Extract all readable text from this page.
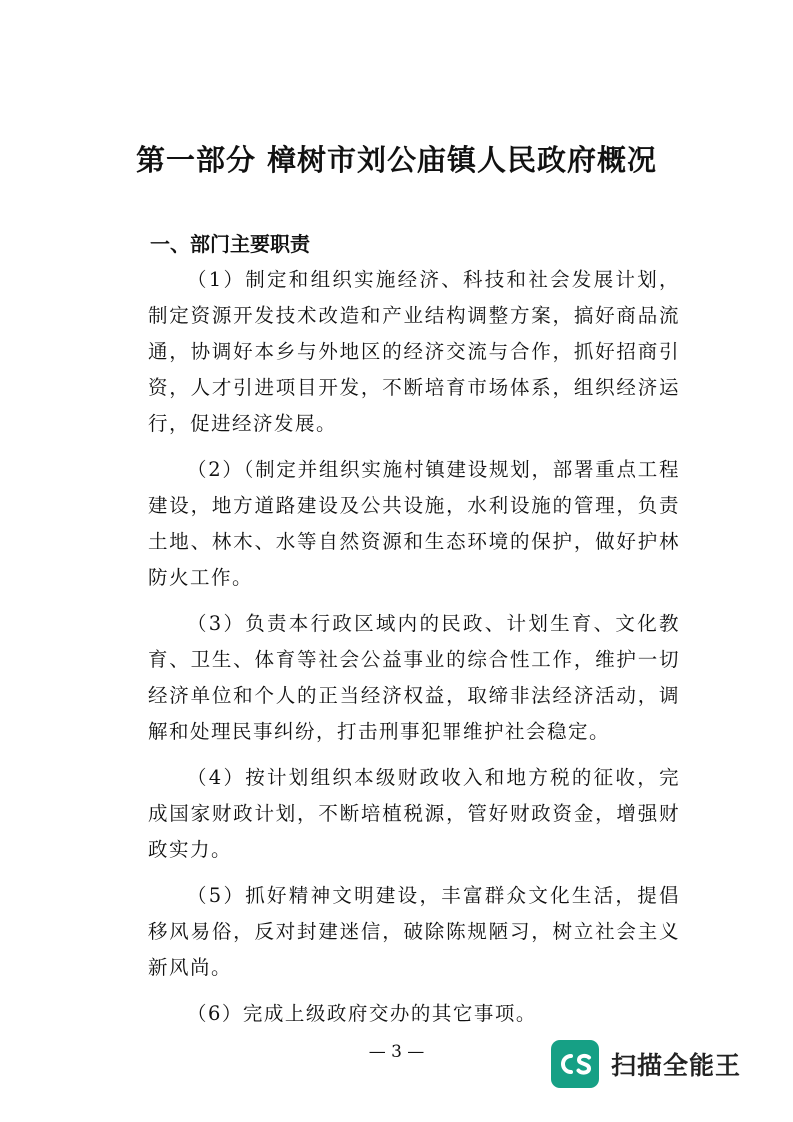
第一部分 樟树市刘公庙镇人民政府概况
一、部门主要职责

（1）制定和组织实施经济、科技和社会发展计划，制定资源开发技术改造和产业结构调整方案，搞好商品流通，协调好本乡与外地区的经济交流与合作，抓好招商引资，人才引进项目开发，不断培育市场体系，组织经济运行，促进经济发展。

（2）（制定并组织实施村镇建设规划，部署重点工程建设，地方道路建设及公共设施，水利设施的管理，负责土地、林木、水等自然资源和生态环境的保护，做好护林防火工作。

（3）负责本行政区域内的民政、计划生育、文化教育、卫生、体育等社会公益事业的综合性工作，维护一切经济单位和个人的正当经济权益，取缔非法经济活动，调解和处理民事纠纷，打击刑事犯罪维护社会稳定。

（4）按计划组织本级财政收入和地方税的征收，完成国家财政计划，不断培植税源，管好财政资金，增强财政实力。

（5）抓好精神文明建设，丰富群众文化生活，提倡移风易俗，反对封建迷信，破除陈规陋习，树立社会主义新风尚。

（6）完成上级政府交办的其它事项。

— 3 —	扫描全能王
